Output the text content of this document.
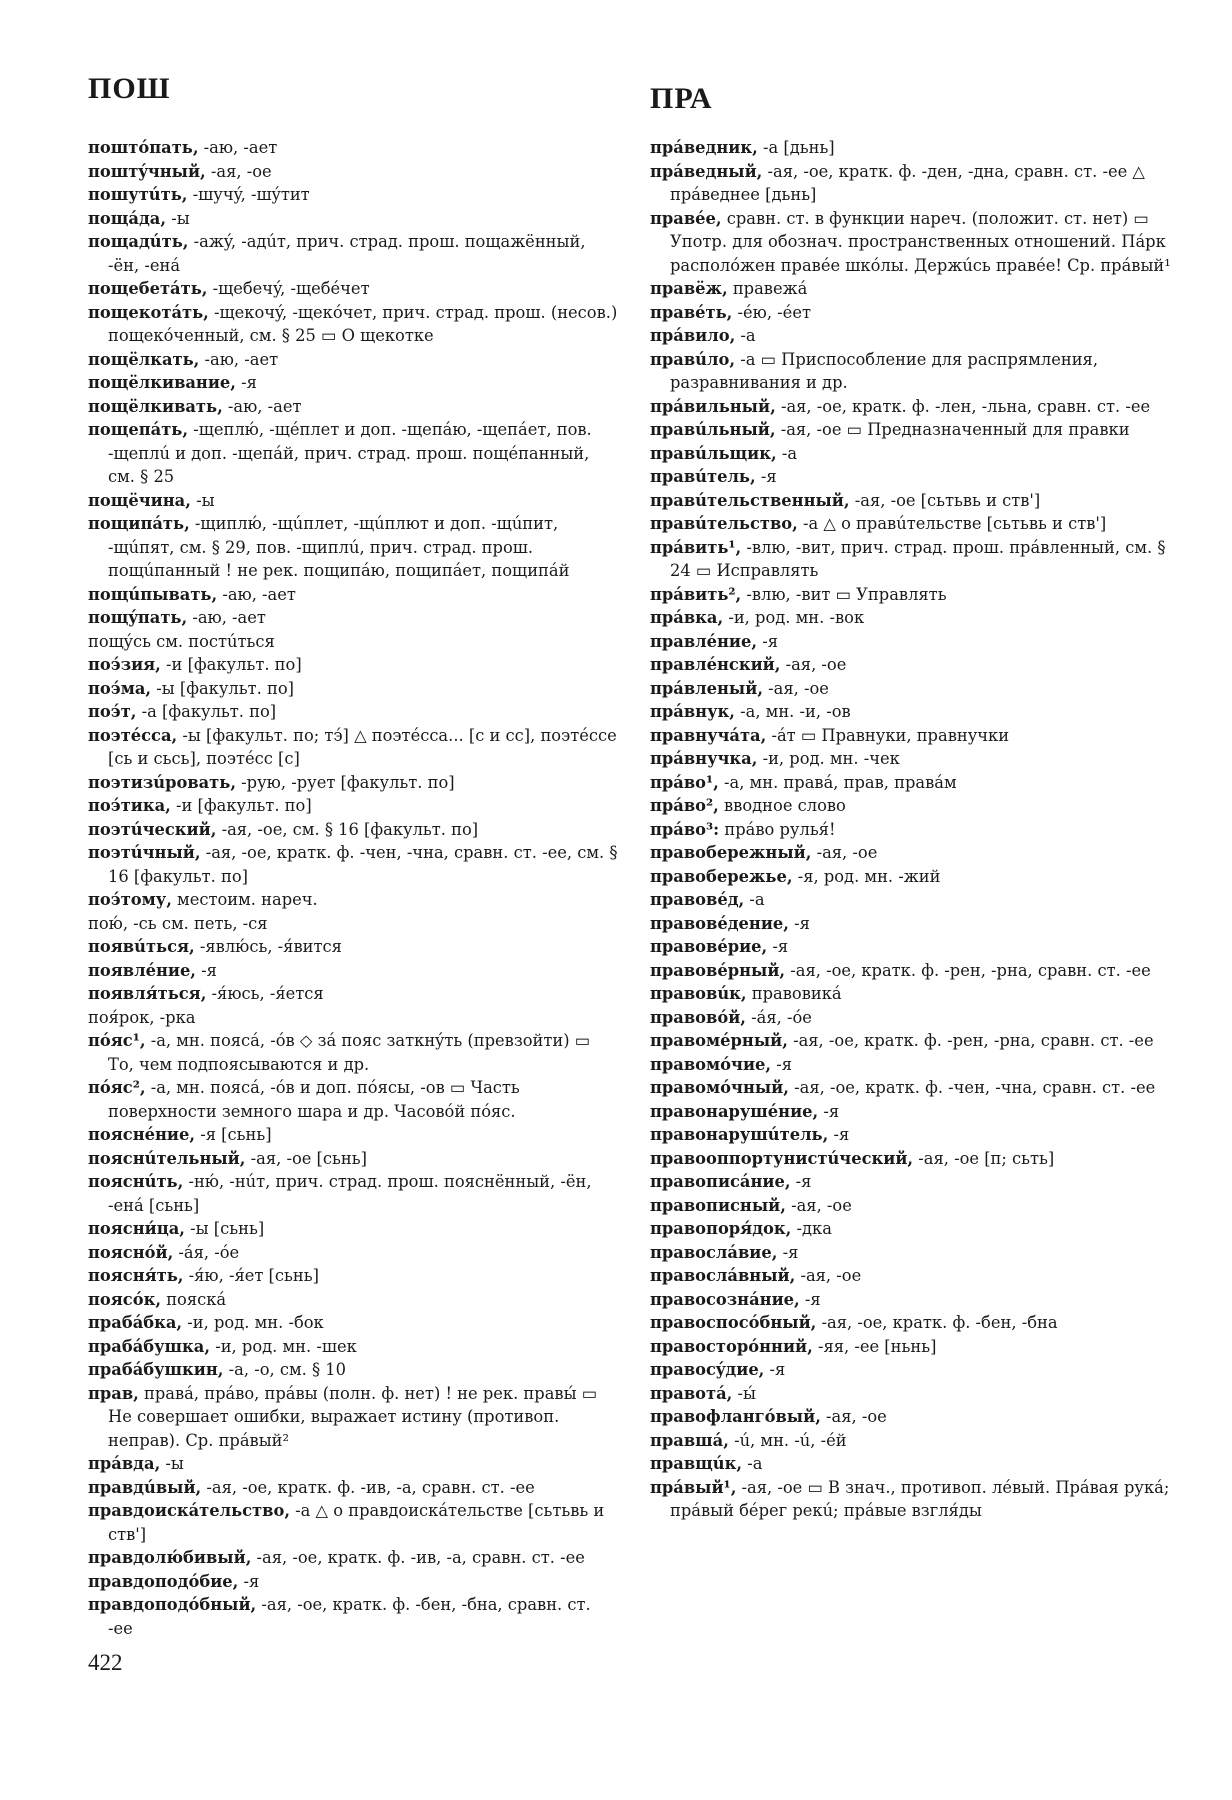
ПОШ

поштóпать, -аю, -ает

поштýчный, -ая, -ое

пошутúть, -шучý, -шýтит

пощáда, -ы

пощадúть, -ажý, -адúт, прич. страд. прош. пощажённый, -ён, -енá

пощебетáть, -щебечý, -щебéчет

пощекотáть, -щекочý, -щекóчет, прич. страд. прош. (несов.) пощекóченный, см. § 25 ▭ О щекотке

пощёлкать, -аю, -ает

пощёлкивание, -я

пощёлкивать, -аю, -ает

пощепáть, -щеплю́, -щéплет и доп. -щепáю, -щепáет, пов. -щеплú и доп. -щепáй, прич. страд. прош. пощéпанный, см. § 25

пощёчина, -ы

пощипáть, -щиплю́, -щúплет, -щúплют и доп. -щúпит, -щúпят, см. § 29, пов. -щиплú, прич. страд. прош. пощúпанный ! не рек. пощипáю, пощипáет, пощипáй

пощúпывать, -аю, -ает

пощýпать, -аю, -ает

пощýсь см. постúться

поэ́зия, -и [факульт. по]

поэ́ма, -ы [факульт. по]

поэ́т, -а [факульт. по]

поэтéсса, -ы [факульт. по; тэ́] △ поэтéсса... [с и сс], поэтéссе [сь и сьсь], поэтéсс [с]

поэтизúровать, -рую, -рует [факульт. по]

поэ́тика, -и [факульт. по]

поэтúческий, -ая, -ое, см. § 16 [факульт. по]

поэтúчный, -ая, -ое, кратк. ф. -чен, -чна, сравн. ст. -ее, см. § 16 [факульт. по]

поэ́тому, местоим. нареч.

пою́, -сь см. петь, -ся

появúться, -явлю́сь, -я́вится

появлéние, -я

появля́ться, -я́юсь, -я́ется

поя́рок, -рка

пóяс¹, -а, мн. поясá, -óв ◇ зá пояс заткнýть (превзойти) ▭ То, чем подпоясываются и др.

пóяс², -а, мн. поясá, -óв и доп. пóясы, -ов ▭ Часть поверхности земного шара и др. Часовóй пóяс.

пояснéние, -я [сьнь]

пояснúтельный, -ая, -ое [сьнь]

пояснúть, -ню́, -нúт, прич. страд. прош. пояснённый, -ён, -енá [сьнь]

поясни́ца, -ы [сьнь]

поясно́й, -áя, -óе

поясня́ть, -я́ю, -я́ет [сьнь]

поясóк, пояскá

прабáбка, -и, род. мн. -бок

прабáбушка, -и, род. мн. -шек

прабáбушкин, -а, -о, см. § 10

прав, правá, прáво, прáвы (полн. ф. нет) ! не рек. правы́ ▭ Не совершает ошибки, выражает истину (противоп. неправ). Ср. прáвый²

прáвда, -ы

правдúвый, -ая, -ое, кратк. ф. -ив, -а, сравн. ст. -ее

правдоискáтельство, -а △ о правдоискáтельстве [сьтьвь и ств']

правдолю́бивый, -ая, -ое, кратк. ф. -ив, -а, сравн. ст. -ее

правдоподóбие, -я

правдоподóбный, -ая, -ое, кратк. ф. -бен, -бна, сравн. ст. -ее

ПРА

прáведник, -а [дьнь]

прáведный, -ая, -ое, кратк. ф. -ден, -дна, сравн. ст. -ее △ прáведнее [дьнь]

правéе, сравн. ст. в функции нареч. (положит. ст. нет) ▭ Употр. для обознач. пространственных отношений. Пáрк располóжен правéе шкóлы. Держúсь правéе! Ср. прáвый¹

правёж, правежá

правéть, -éю, -éет

прáвило, -а

правúло, -а ▭ Приспособление для распрямления, разравнивания и др.

прáвильный, -ая, -ое, кратк. ф. -лен, -льна, сравн. ст. -ее

правúльный, -ая, -ое ▭ Предназначенный для правки

правúльщик, -а

правúтель, -я

правúтельственный, -ая, -ое [сьтьвь и ств']

правúтельство, -а △ о правúтельстве [сьтьвь и ств']

прáвить¹, -влю, -вит, прич. страд. прош. прáвленный, см. § 24 ▭ Исправлять

прáвить², -влю, -вит ▭ Управлять

прáвка, -и, род. мн. -вок

правлéние, -я

правлéнский, -ая, -ое

прáвленый, -ая, -ое

прáвнук, -а, мн. -и, -ов

правнучáта, -áт ▭ Правнуки, правнучки

прáвнучка, -и, род. мн. -чек

прáво¹, -а, мн. правá, прав, правáм

прáво², вводное слово

прáво³: прáво рулья́!

правобережный, -ая, -ое

правобережье, -я, род. мн. -жий

правовéд, -а

правовéдение, -я

правовéрие, -я

правовéрный, -ая, -ое, кратк. ф. -рен, -рна, сравн. ст. -ее

правовúк, правовикá

правовóй, -áя, -óе

правомéрный, -ая, -ое, кратк. ф. -рен, -рна, сравн. ст. -ее

правомóчие, -я

правомóчный, -ая, -ое, кратк. ф. -чен, -чна, сравн. ст. -ее

правонарушéние, -я

правонарушúтель, -я

правооппортунистúческий, -ая, -ое [п; сьть]

правописáние, -я

правописный, -ая, -ое

правопоря́док, -дка

правослáвие, -я

правослáвный, -ая, -ое

правосознáние, -я

правоспосóбный, -ая, -ое, кратк. ф. -бен, -бна

правосторóнний, -яя, -ее [ньнь]

правосýдие, -я

правотá, -ы́

правофлангóвый, -ая, -ое

правшá, -ú, мн. -ú, -éй

правщúк, -а

прáвый¹, -ая, -ое ▭ В знач., противоп. лéвый. Прáвая рукá; прáвый бéрег рекú; прáвые взгля́ды

422
